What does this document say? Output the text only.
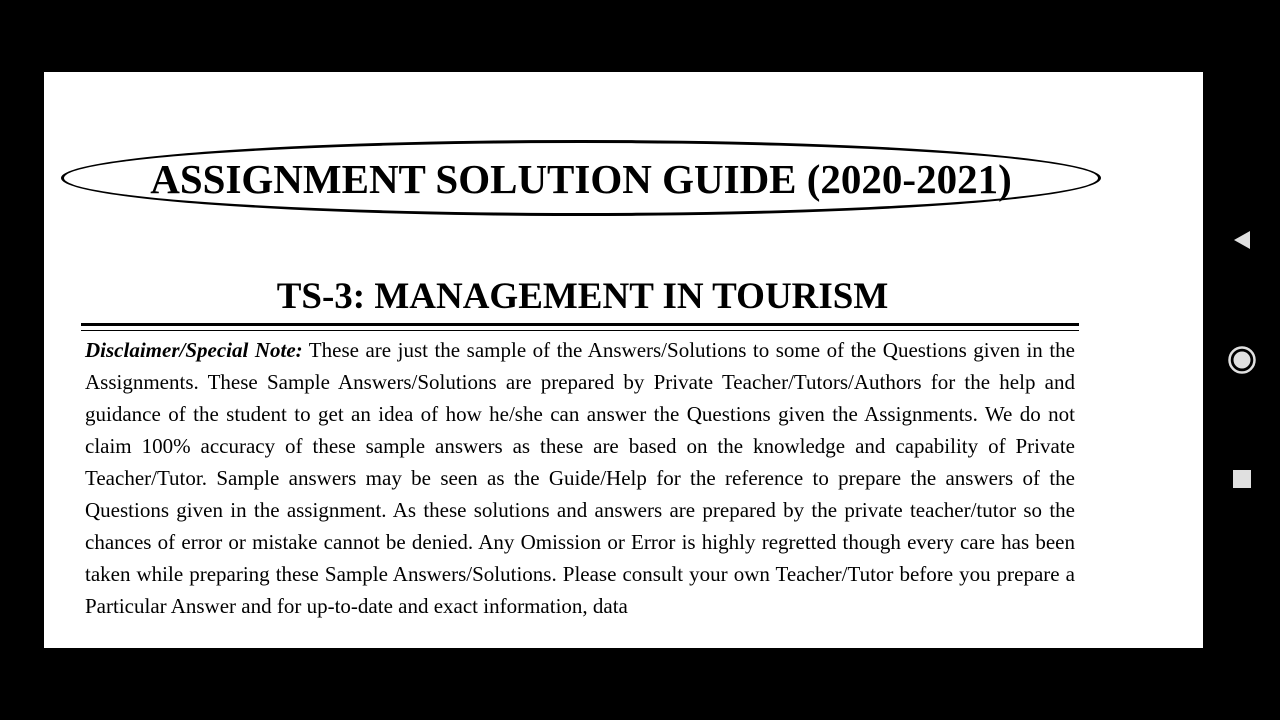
ASSIGNMENT SOLUTION GUIDE (2020-2021)
TS-3: MANAGEMENT IN TOURISM
Disclaimer/Special Note: These are just the sample of the Answers/Solutions to some of the Questions given in the Assignments. These Sample Answers/Solutions are prepared by Private Teacher/Tutors/Authors for the help and guidance of the student to get an idea of how he/she can answer the Questions given the Assignments. We do not claim 100% accuracy of these sample answers as these are based on the knowledge and capability of Private Teacher/Tutor. Sample answers may be seen as the Guide/Help for the reference to prepare the answers of the Questions given in the assignment. As these solutions and answers are prepared by the private teacher/tutor so the chances of error or mistake cannot be denied. Any Omission or Error is highly regretted though every care has been taken while preparing these Sample Answers/Solutions. Please consult your own Teacher/Tutor before you prepare a Particular Answer and for up-to-date and exact information, data
